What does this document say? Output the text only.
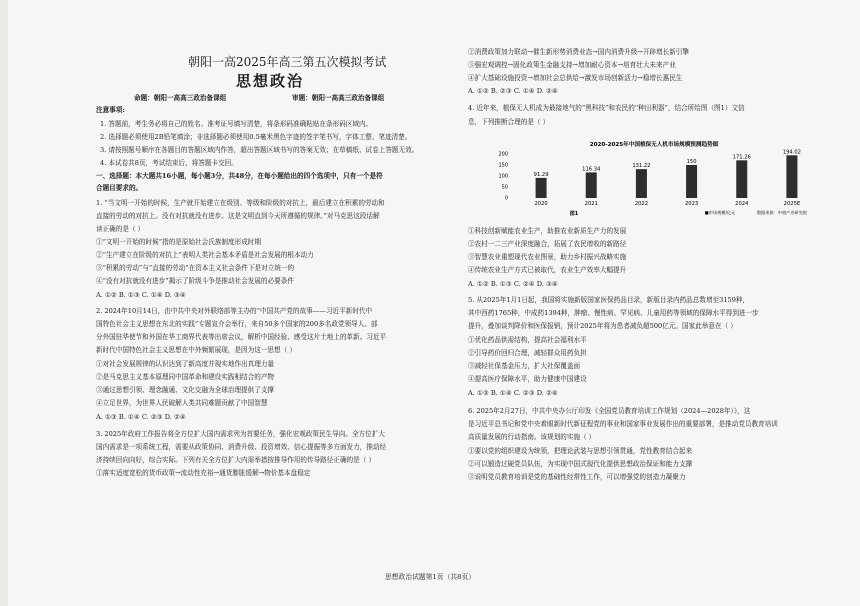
朝阳一高2025年高三第五次模拟考试
思想政治
命题：朝阳一高高三政治备课组	审题：朝阳一高高三政治备课组
注意事项:
1. 答题前，考生务必将自己的姓名、准考证号填写清楚，将条形码准确粘贴在条形码区域内。
2. 选择题必须使用2B铅笔填涂；非选择题必须使用0.5毫米黑色字迹的签字笔书写，字体工整、笔迹清楚。
3. 请按照题号顺序在各题目的答题区域内作答，超出答题区域书写的答案无效；在草稿纸、试卷上答题无效。
4. 本试卷共8页，考试结束后，将答题卡交回。
一、选择题：本大题共16小题，每小题3分，共48分，在每小题给出的四个选项中，只有一个是符
合题目要求的。
1. “当文明一开始的时候，生产就开始建立在级别、等级和阶级的对抗上，最后建立在积累的劳动和
直接的劳动的对抗上。没有对抗就没有进步。这是文明直到今天所遵循的规律。”对马克思这段话解
读正确的是（ ）
①“文明一开始的时候”指的是原始社会氏族制度形成时期
②“生产建立在阶级的对抗上”表明人类社会基本矛盾是社会发展的根本动力
③“积累的劳动”与“直接的劳动”在资本主义社会条件下是对立统一的
④“没有对抗就没有进步”揭示了阶级斗争是推动社会发展的必要条件
A. ①② B. ①③ C. ①④ D. ③④
2. 2024年10月14日，由中共中央对外联络部等主办的“中国共产党的故事——习近平新时代中
国特色社会主义思想在东北的实践”专题宣介会举行，来自50多个国家的200多名政党领导人、部
分外国驻华使节和外国在华工商界代表等出席会议，解析中国经验、感受这片土地上的革新。习近平
新时代中国特色社会主义思想在中外频繁展现，是因为这一思想（ ）
①对社会发展规律的认识达到了新高度并现实地作出真理力量
②是马克思主义基本原理同中国革命和建设实践相结合的产物
③通过思想引领、理念融通、文化交融为全球治理提供了支撑
④立足世界，为世界人民破解人类共同难题贡献了中国智慧
A. ①③ B. ①④ C. ②③ D. ②④
3. 2025年政府工作报告将全方位扩大国内需求列为首要任务，强化宏观政策民生导向。全方位扩大
国内需求是一项系统工程，需要从政策协同、消费升级、投资增效、信心提振等多方面发力，推动经
济持续回向向好，综合实际。下列有关全方位扩大内需举措按推导作用的传导路径正确的是（ ）
①落实适度宽松的货币政策→流动性充裕→通货膨胀缓解→物价基本盘稳定
②消费政策加力联动→催生新形势消费业态→国内消费升级→开辟增长新引擎
③强宏观调控→固化政策生金融支持→增加耐心资本→培育壮大未来产业
④扩大基础设施投资→增加社会总供给→激发市场创新活力→稳增长惠民生
A. ①② B. ②③ C. ①④ D. ②④
4. 近年来，植保无人机成为最接地气的“黑科技”和农民的“种田利器”，结合所给图（图1）文信
息，下列推断合理的是（ ）
2020-2025年中国植保无人机市场规模预测趋势图
200
150
100
50
0
91.29
2020
116.34
2021
131.22
2022
150
2023
171.26
2024
194.02
2025E
■市场规模/亿元	数据来源：中商产业研究院
图1
①科技创新赋能农业生产，助推农业新质生产力的发展
②农村一二三产业深度融合，拓展了农民增收的新路径
③智慧农业重塑现代农业图景，助力乡村振兴战略实施
④传统农业生产方式已被取代，农业生产效率大幅提升
A. ①② B. ①③ C. ②④ D. ③④
5. 从2025年1月1日起，我国将实施新版国家医保药品目录，新版目录内药品总数增至3159种，
其中西药1765种，中成药1394种，肿瘤、慢性病、罕见病、儿童用药等领域的保障水平得到进一步
提升，叠加谈判降价和医保报销，预计2025年将为患者减负超500亿元。国家此举意在（ ）
①优化药品供需结构，提高社会福利水平
②引导药价回归合理，减轻群众用药负担
③减轻社保基金压力，扩大社保覆盖面
④提高医疗保障水平，助力健康中国建设
A. ①③ B. ①④ C. ②③ D. ②④
6. 2025年2月27日，中共中央办公厅印发《全国党员教育培训工作规划（2024—2028年）》，这
是习近平总书记和党中央着眼新时代新征程党的事业和国家事业发展作出的重要部署，是推动党员教育培训
高质量发展的行动指南。该规划的实施（ ）
①要以党的组织建设为统领，把理论武装与思想引领贯通，党性教育结合起来
②可以锻造过硬党员队伍，为实现中国式现代化提供思想政治保证和能力支撑
③说明党员教育培训是党的基础性经常性工作，可以增强党的创造力凝聚力
思想政治试题第1页（共8页）
